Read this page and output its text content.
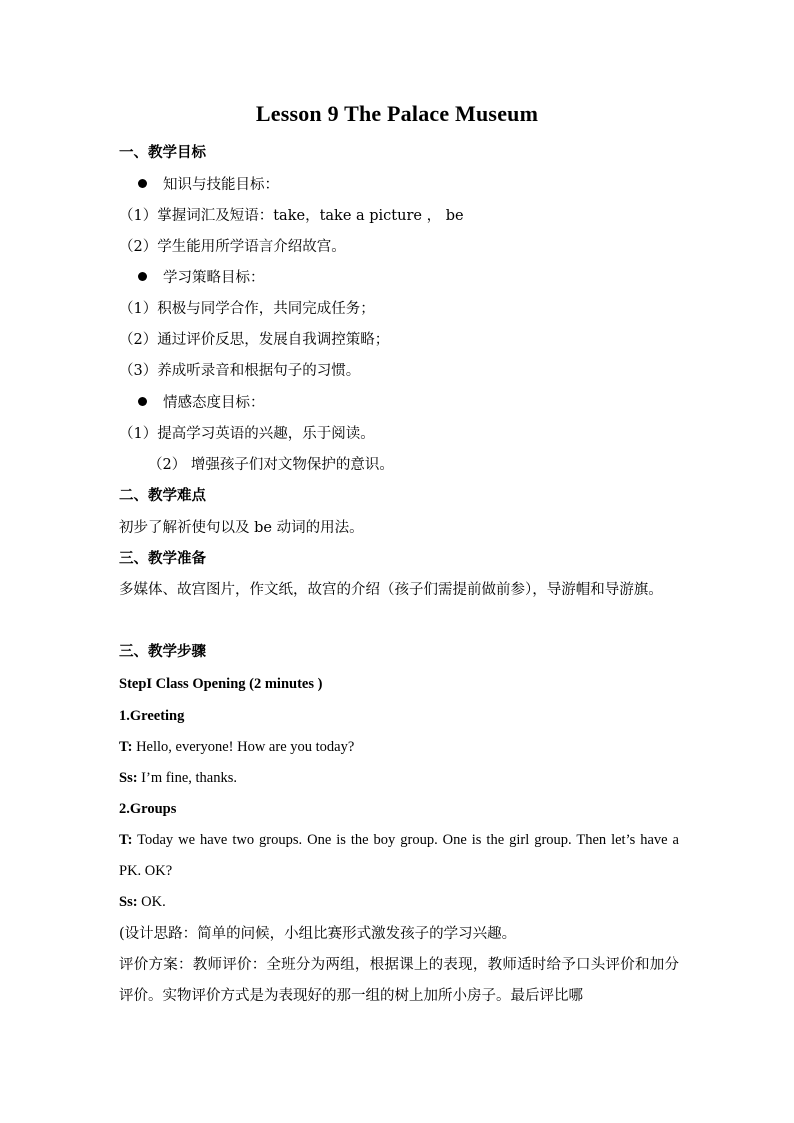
Lesson 9 The Palace Museum
一、教学目标
知识与技能目标：
（1）掌握词汇及短语：take，take a picture ， be
（2）学生能用所学语言介绍故宫。
学习策略目标：
（1）积极与同学合作，共同完成任务；
（2）通过评价反思，发展自我调控策略；
（3）养成听录音和根据句子的习惯。
情感态度目标：
（1）提高学习英语的兴趣，乐于阅读。
（2） 增强孩子们对文物保护的意识。
二、教学难点
初步了解祈使句以及 be 动词的用法。
三、教学准备
多媒体、故宫图片，作文纸，故宫的介绍（孩子们需提前做前参），导游帽和导游旗。
三、教学步骤
StepI Class Opening (2 minutes )
1.Greeting
T: Hello, everyone! How are you today?
Ss: I’m fine, thanks.
2.Groups
T: Today we have two groups. One is the boy group. One is the girl group. Then let’s have a PK. OK?
Ss: OK.
(设计思路：简单的问候，小组比赛形式激发孩子的学习兴趣。
评价方案：教师评价：全班分为两组，根据课上的表现，教师适时给予口头评价和加分评价。实物评价方式是为表现好的那一组的树上加所小房子。最后评比哪
